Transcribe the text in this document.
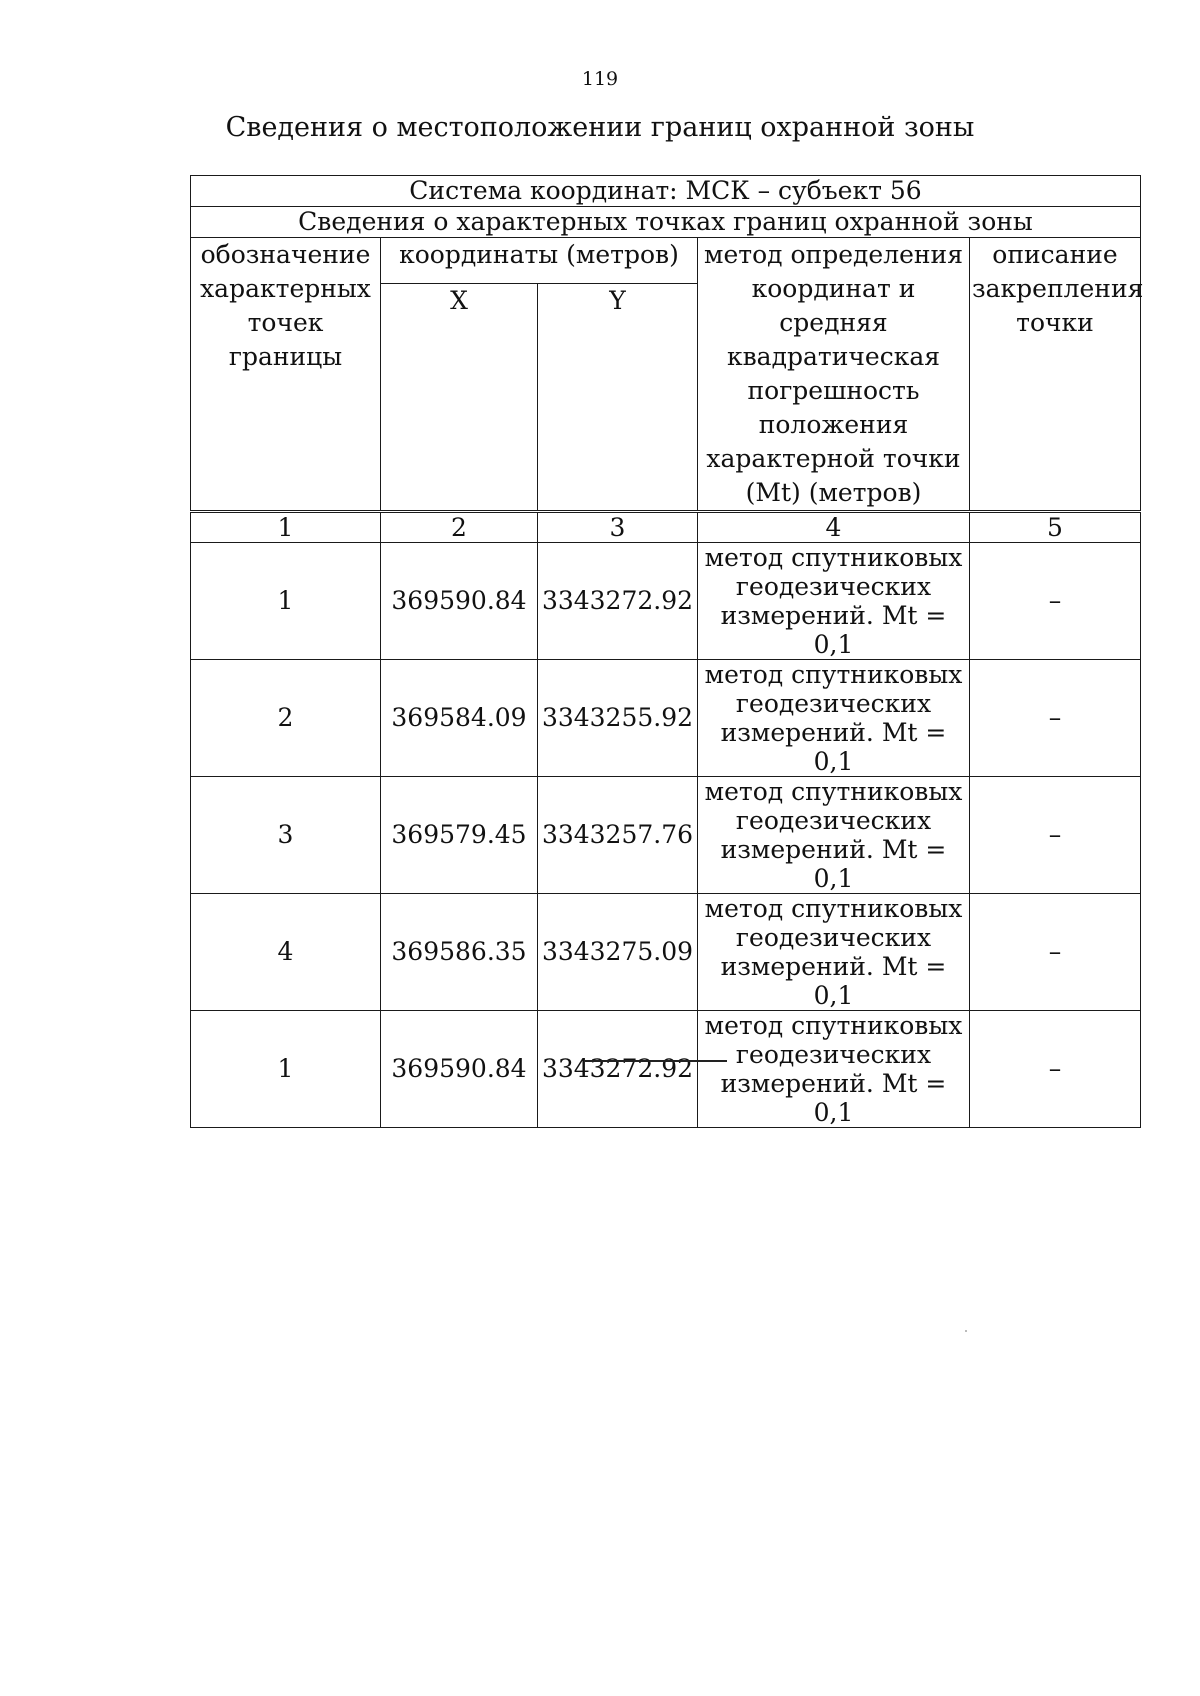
119
Сведения о местоположении границ охранной зоны
Система координат: МСК – субъект 56				
Сведения о характерных точках границ охранной зоны				
обозначение характерных точек границы	координаты (метров)		метод определения координат и средняя квадратическая погрешность положения характерной точки (Mt) (метров)	описание закрепления точки
	X	Y		
1	2	3	4	5
1	369590.84	3343272.92	метод спутниковых геодезических измерений. Mt = 0,1	–
2	369584.09	3343255.92	метод спутниковых геодезических измерений. Mt = 0,1	–
3	369579.45	3343257.76	метод спутниковых геодезических измерений. Mt = 0,1	–
4	369586.35	3343275.09	метод спутниковых геодезических измерений. Mt = 0,1	–
1	369590.84	3343272.92	метод спутниковых геодезических измерений. Mt = 0,1	–
